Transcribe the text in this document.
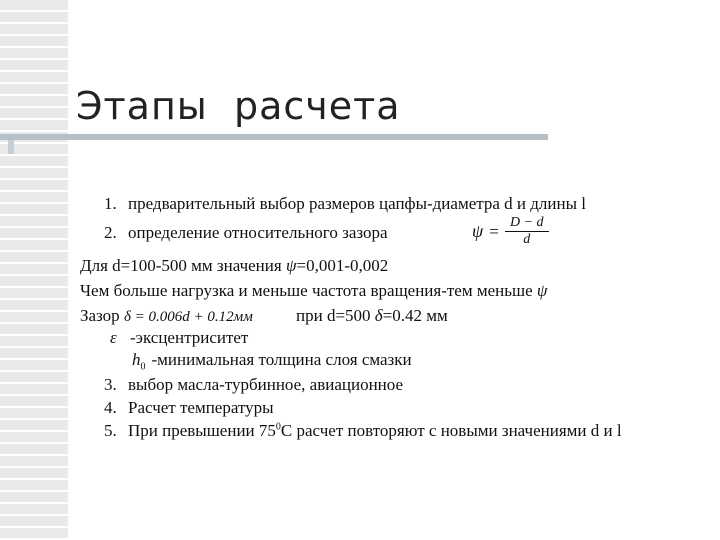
Этапы  расчета
1. предварительный выбор размеров цапфы-диаметра d и длины l
2. определение относительного зазора	ψ = D − d
d
Для d=100-500 мм значения ψ=0,001-0,002
Чем больше нагрузка и меньше частота вращения-тем меньше ψ
Зазор δ = 0.006d + 0.12мм	при d=500 δ=0.42 мм
ε -эксцентриситет
$h_0$ -минимальная толщина слоя смазки
3. выбор масла-турбинное, авиационное
4. Расчет температуры
5. При превышении $75^0С$ расчет повторяют с новыми значениями d и l
